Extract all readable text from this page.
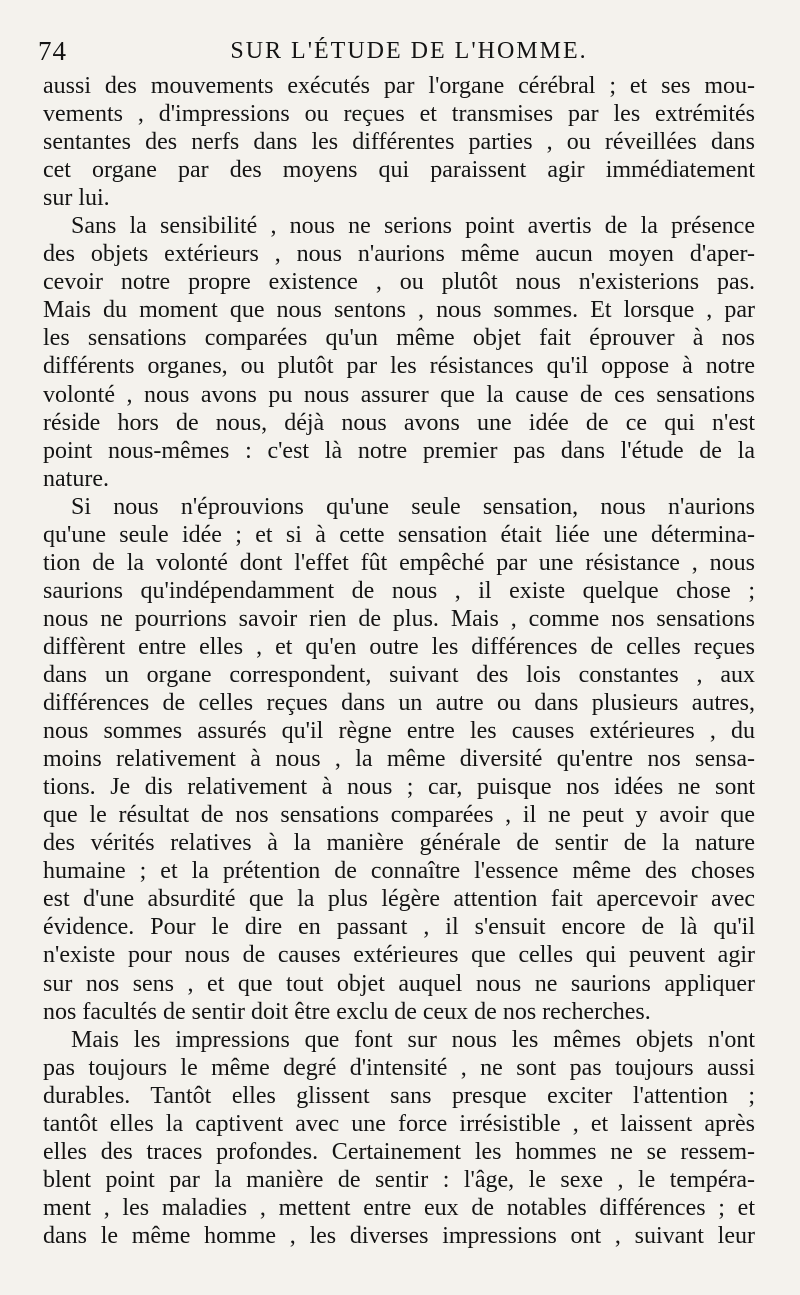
74	SUR L'ÉTUDE DE L'HOMME.
aussi des mouvements exécutés par l'organe cérébral ; et ses mou-
vements , d'impressions ou reçues et transmises par les extrémités
sentantes des nerfs dans les différentes parties , ou réveillées dans
cet organe par des moyens qui paraissent agir immédiatement
sur lui.
Sans la sensibilité , nous ne serions point avertis de la présence
des objets extérieurs , nous n'aurions même aucun moyen d'aper-
cevoir notre propre existence , ou plutôt nous n'existerions pas.
Mais du moment que nous sentons , nous sommes. Et lorsque , par
les sensations comparées qu'un même objet fait éprouver à nos
différents organes, ou plutôt par les résistances qu'il oppose à notre
volonté , nous avons pu nous assurer que la cause de ces sensations
réside hors de nous, déjà nous avons une idée de ce qui n'est
point nous-mêmes : c'est là notre premier pas dans l'étude de la
nature.
Si nous n'éprouvions qu'une seule sensation, nous n'aurions
qu'une seule idée ; et si à cette sensation était liée une détermina-
tion de la volonté dont l'effet fût empêché par une résistance , nous
saurions qu'indépendamment de nous , il existe quelque chose ;
nous ne pourrions savoir rien de plus. Mais , comme nos sensations
diffèrent entre elles , et qu'en outre les différences de celles reçues
dans un organe correspondent, suivant des lois constantes , aux
différences de celles reçues dans un autre ou dans plusieurs autres,
nous sommes assurés qu'il règne entre les causes extérieures , du
moins relativement à nous , la même diversité qu'entre nos sensa-
tions. Je dis relativement à nous ; car, puisque nos idées ne sont
que le résultat de nos sensations comparées , il ne peut y avoir que
des vérités relatives à la manière générale de sentir de la nature
humaine ; et la prétention de connaître l'essence même des choses
est d'une absurdité que la plus légère attention fait apercevoir avec
évidence. Pour le dire en passant , il s'ensuit encore de là qu'il
n'existe pour nous de causes extérieures que celles qui peuvent agir
sur nos sens , et que tout objet auquel nous ne saurions appliquer
nos facultés de sentir doit être exclu de ceux de nos recherches.
Mais les impressions que font sur nous les mêmes objets n'ont
pas toujours le même degré d'intensité , ne sont pas toujours aussi
durables. Tantôt elles glissent sans presque exciter l'attention ;
tantôt elles la captivent avec une force irrésistible , et laissent après
elles des traces profondes. Certainement les hommes ne se ressem-
blent point par la manière de sentir : l'âge, le sexe , le tempéra-
ment , les maladies , mettent entre eux de notables différences ; et
dans le même homme , les diverses impressions ont , suivant leur
